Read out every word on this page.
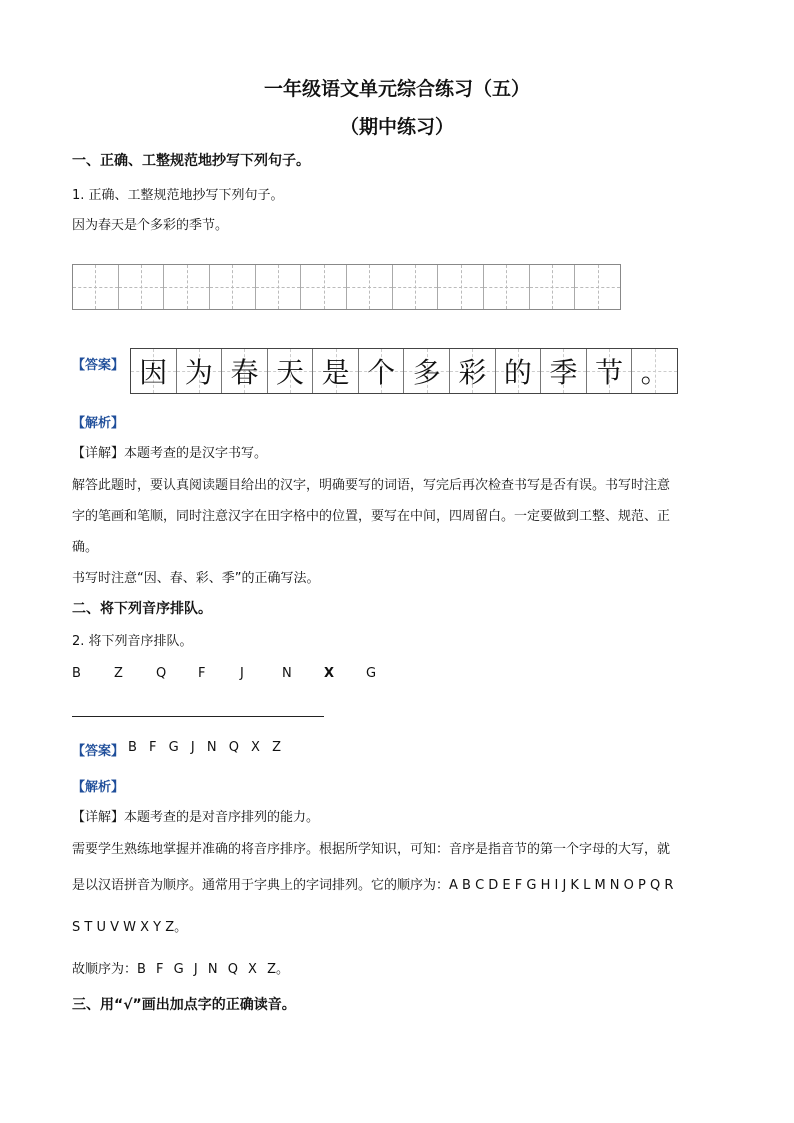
一年级语文单元综合练习（五）
（期中练习）
一、正确、工整规范地抄写下列句子。
1. 正确、工整规范地抄写下列句子。
因为春天是个多彩的季节。
【答案】 因 为 春 天 是 个 多 彩 的 季 节 。
【解析】
【详解】本题考查的是汉字书写。
解答此题时，要认真阅读题目给出的汉字，明确要写的词语，写完后再次检查书写是否有误。书写时注意
字的笔画和笔顺，同时注意汉字在田字格中的位置，要写在中间，四周留白。一定要做到工整、规范、正
确。
书写时注意“因、春、彩、季”的正确写法。
二、将下列音序排队。
2. 将下列音序排队。
B	Z	Q F	J	N X G
【答案】 B F G J N Q X Z
【解析】
【详解】本题考查的是对音序排列的能力。
需要学生熟练地掌握并准确的将音序排序。根据所学知识，可知：音序是指音节的第一个字母的大写，就
是以汉语拼音为顺序。通常用于字典上的字词排列。它的顺序为：A B C D E F G H I J K L M N O P Q R
S T U V W X Y Z。
故顺序为：B F G J N Q X Z。
三、用“√”画出加点字的正确读音。
